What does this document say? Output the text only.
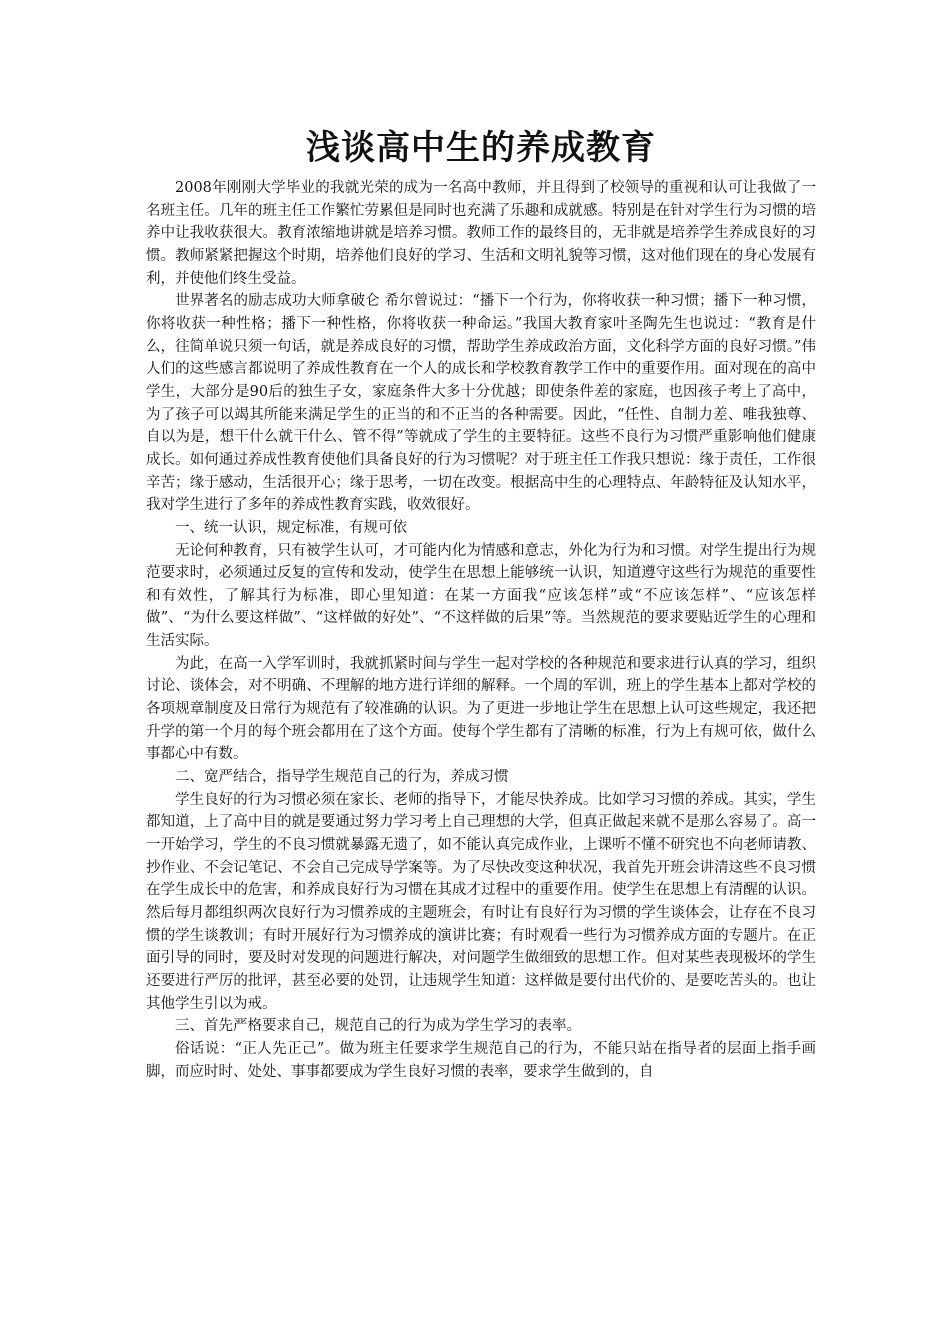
浅谈高中生的养成教育

2008年刚刚大学毕业的我就光荣的成为一名高中教师，并且得到了校领导的重视和认可让我做了一名班主任。几年的班主任工作繁忙劳累但是同时也充满了乐趣和成就感。特别是在针对学生行为习惯的培养中让我收获很大。教育浓缩地讲就是培养习惯。教师工作的最终目的，无非就是培养学生养成良好的习惯。教师紧紧把握这个时期，培养他们良好的学习、生活和文明礼貌等习惯，这对他们现在的身心发展有利，并使他们终生受益。

世界著名的励志成功大师拿破仑 希尔曾说过：“播下一个行为，你将收获一种习惯；播下一种习惯，你将收获一种性格；播下一种性格，你将收获一种命运。”我国大教育家叶圣陶先生也说过：“教育是什么，往简单说只须一句话，就是养成良好的习惯，帮助学生养成政治方面，文化科学方面的良好习惯。”伟人们的这些感言都说明了养成性教育在一个人的成长和学校教育教学工作中的重要作用。面对现在的高中学生，大部分是90后的独生子女，家庭条件大多十分优越；即使条件差的家庭，也因孩子考上了高中，为了孩子可以竭其所能来满足学生的正当的和不正当的各种需要。因此，“任性、自制力差、唯我独尊、自以为是，想干什么就干什么、管不得”等就成了学生的主要特征。这些不良行为习惯严重影响他们健康成长。如何通过养成性教育使他们具备良好的行为习惯呢？对于班主任工作我只想说：缘于责任，工作很辛苦；缘于感动，生活很开心；缘于思考，一切在改变。根据高中生的心理特点、年龄特征及认知水平，我对学生进行了多年的养成性教育实践，收效很好。

一、统一认识，规定标准，有规可依

无论何种教育，只有被学生认可，才可能内化为情感和意志，外化为行为和习惯。对学生提出行为规范要求时，必须通过反复的宣传和发动，使学生在思想上能够统一认识，知道遵守这些行为规范的重要性和有效性，了解其行为标准，即心里知道：在某一方面我“应该怎样”或“不应该怎样”、“应该怎样做”、“为什么要这样做”、“这样做的好处”、“不这样做的后果”等。当然规范的要求要贴近学生的心理和生活实际。

为此，在高一入学军训时，我就抓紧时间与学生一起对学校的各种规范和要求进行认真的学习，组织讨论、谈体会，对不明确、不理解的地方进行详细的解释。一个周的军训，班上的学生基本上都对学校的各项规章制度及日常行为规范有了较准确的认识。为了更进一步地让学生在思想上认可这些规定，我还把升学的第一个月的每个班会都用在了这个方面。使每个学生都有了清晰的标准，行为上有规可依，做什么事都心中有数。

二、宽严结合，指导学生规范自己的行为，养成习惯

学生良好的行为习惯必须在家长、老师的指导下，才能尽快养成。比如学习习惯的养成。其实，学生都知道，上了高中目的就是要通过努力学习考上自己理想的大学，但真正做起来就不是那么容易了。高一一开始学习，学生的不良习惯就暴露无遗了，如不能认真完成作业，上课听不懂不研究也不向老师请教、抄作业、不会记笔记、不会自己完成导学案等。为了尽快改变这种状况，我首先开班会讲清这些不良习惯在学生成长中的危害，和养成良好行为习惯在其成才过程中的重要作用。使学生在思想上有清醒的认识。然后每月都组织两次良好行为习惯养成的主题班会，有时让有良好行为习惯的学生谈体会，让存在不良习惯的学生谈教训；有时开展好行为习惯养成的演讲比赛；有时观看一些行为习惯养成方面的专题片。在正面引导的同时，要及时对发现的问题进行解决，对问题学生做细致的思想工作。但对某些表现极坏的学生还要进行严厉的批评，甚至必要的处罚，让违规学生知道：这样做是要付出代价的、是要吃苦头的。也让其他学生引以为戒。

三、首先严格要求自己，规范自己的行为成为学生学习的表率。

俗话说：“正人先正己”。做为班主任要求学生规范自己的行为，不能只站在指导者的层面上指手画脚，而应时时、处处、事事都要成为学生良好习惯的表率，要求学生做到的，自
